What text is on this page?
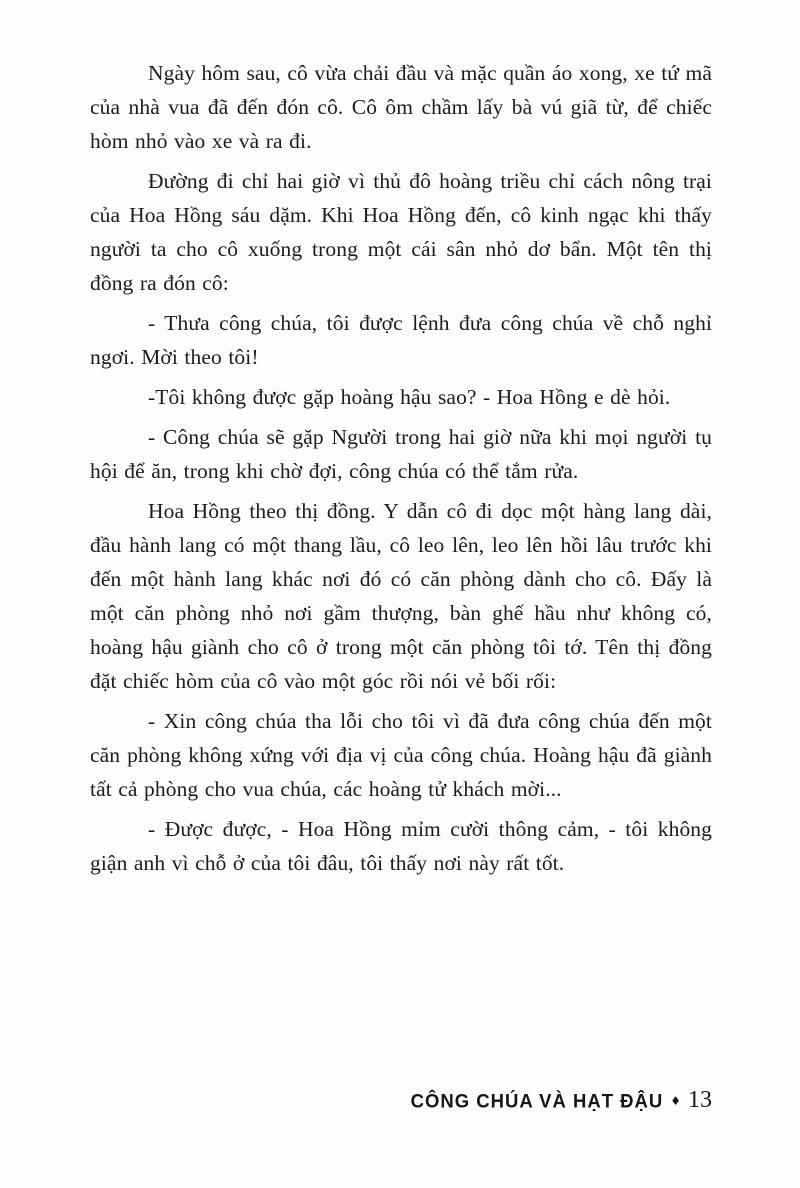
Ngày hôm sau, cô vừa chải đầu và mặc quần áo xong, xe tứ mã của nhà vua đã đến đón cô. Cô ôm chầm lấy bà vú giã từ, để chiếc hòm nhỏ vào xe và ra đi.

Đường đi chỉ hai giờ vì thủ đô hoàng triều chỉ cách nông trại của Hoa Hồng sáu dặm. Khi Hoa Hồng đến, cô kinh ngạc khi thấy người ta cho cô xuống trong một cái sân nhỏ dơ bẩn. Một tên thị đồng ra đón cô:

- Thưa công chúa, tôi được lệnh đưa công chúa về chỗ nghỉ ngơi. Mời theo tôi!

-Tôi không được gặp hoàng hậu sao? - Hoa Hồng e dè hỏi.

- Công chúa sẽ gặp Người trong hai giờ nữa khi mọi người tụ hội để ăn, trong khi chờ đợi, công chúa có thể tắm rửa.

Hoa Hồng theo thị đồng. Y dẫn cô đi dọc một hàng lang dài, đầu hành lang có một thang lầu, cô leo lên, leo lên hồi lâu trước khi đến một hành lang khác nơi đó có căn phòng dành cho cô. Đấy là một căn phòng nhỏ nơi gầm thượng, bàn ghế hầu như không có, hoàng hậu giành cho cô ở trong một căn phòng tôi tớ. Tên thị đồng đặt chiếc hòm của cô vào một góc rồi nói vẻ bối rối:

- Xin công chúa tha lỗi cho tôi vì đã đưa công chúa đến một căn phòng không xứng với địa vị của công chúa. Hoàng hậu đã giành tất cả phòng cho vua chúa, các hoàng tử khách mời...

- Được được, - Hoa Hồng mỉm cười thông cảm, - tôi không giận anh vì chỗ ở của tôi đâu, tôi thấy nơi này rất tốt.

CÔNG CHÚA VÀ HẠT ĐẬU ♦ 13
